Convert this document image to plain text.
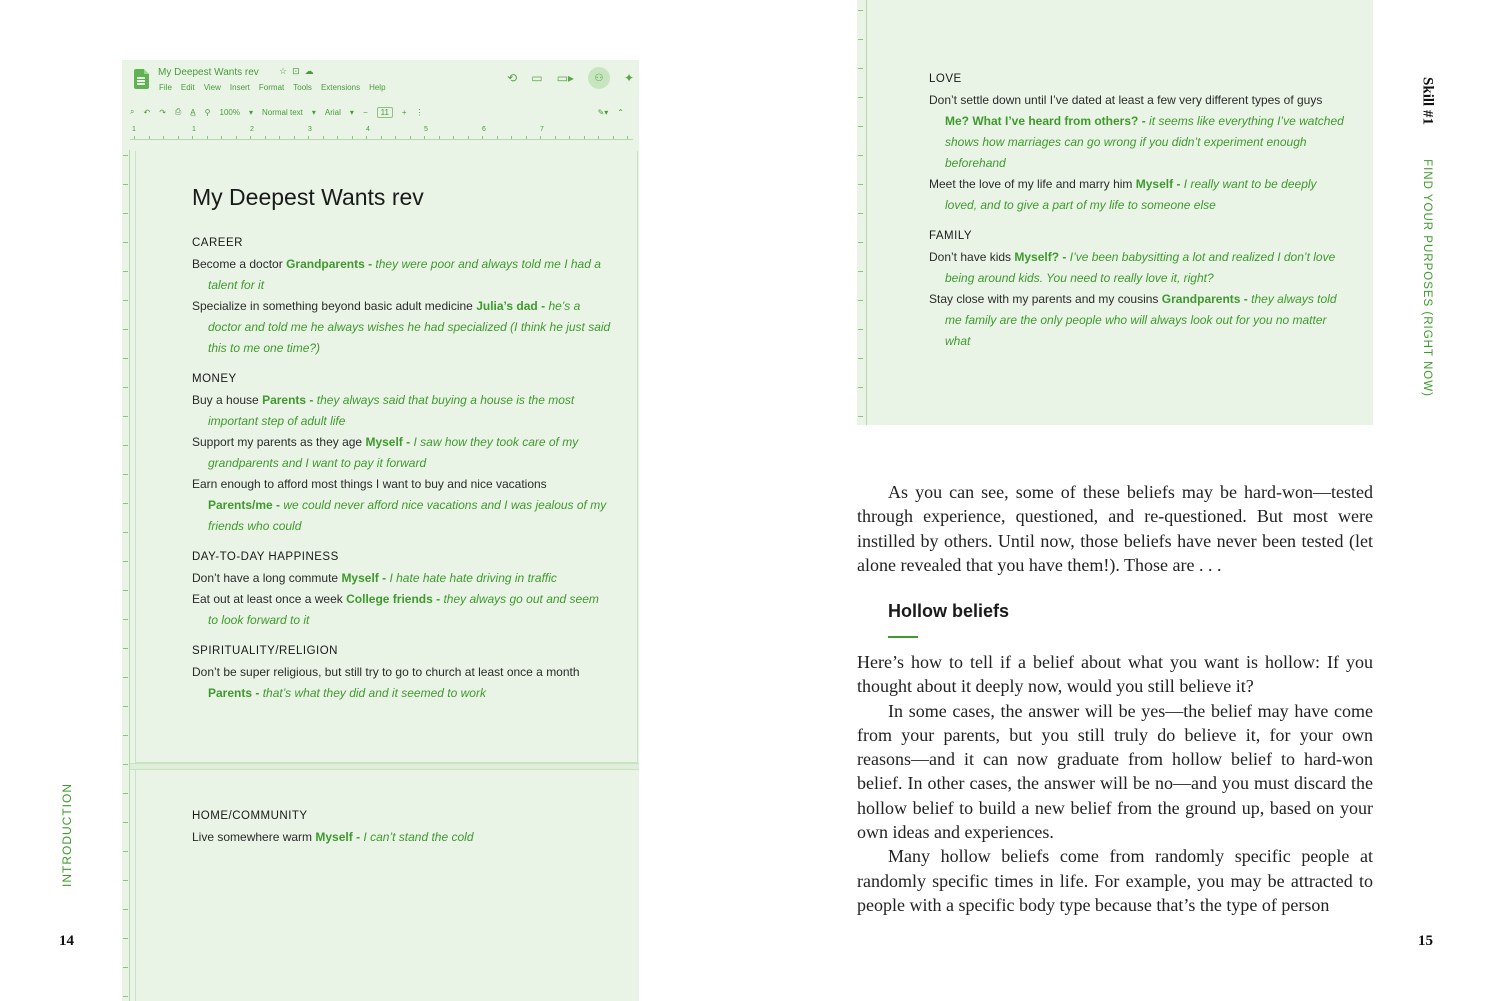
My Deepest Wants rev ☆⊡☁
File Edit View Insert Format Tools Extensions Help
⟲ ▭ ▭▸	⚇	✦
⌕ ↶ ↷ ⎙ A̲ ⚲ 100% ▾ Normal text ▾ Arial ▾ −	11	+ ⋮	✎▾ ⌃
1	1	2	3	4	5	6	7
My Deepest Wants rev
CAREER
Become a doctor Grandparents - they were poor and always told me I had a talent for it
Specialize in something beyond basic adult medicine Julia’s dad - he’s a doctor and told me he always wishes he had specialized (I think he just said this to me one time?)
MONEY
Buy a house Parents - they always said that buying a house is the most important step of adult life
Support my parents as they age Myself - I saw how they took care of my grandparents and I want to pay it forward
Earn enough to afford most things I want to buy and nice vacations Parents/me - we could never afford nice vacations and I was jealous of my friends who could
DAY-TO-DAY HAPPINESS
Don’t have a long commute Myself - I hate hate hate driving in traffic
Eat out at least once a week College friends - they always go out and seem to look forward to it
SPIRITUALITY/RELIGION
Don’t be super religious, but still try to go to church at least once a month Parents - that’s what they did and it seemed to work
HOME/COMMUNITY
Live somewhere warm Myself - I can’t stand the cold
LOVE
Don’t settle down until I’ve dated at least a few very different types of guys Me? What I’ve heard from others? - it seems like everything I’ve watched shows how marriages can go wrong if you didn’t experiment enough beforehand
Meet the love of my life and marry him Myself - I really want to be deeply loved, and to give a part of my life to someone else
FAMILY
Don’t have kids Myself? - I’ve been babysitting a lot and realized I don’t love being around kids. You need to really love it, right?
Stay close with my parents and my cousins Grandparents - they always told me family are the only people who will always look out for you no matter what

As you can see, some of these beliefs may be hard-won—tested through experience, questioned, and re-questioned. But most were instilled by others. Until now, those beliefs have never been tested (let alone revealed that you have them!). Those are . . .

Hollow beliefs

Here’s how to tell if a belief about what you want is hollow: If you thought about it deeply now, would you still believe it?

In some cases, the answer will be yes—the belief may have come from your parents, but you still truly do believe it, for your own reasons—and it can now graduate from hollow belief to hard-won belief. In other cases, the answer will be no—and you must discard the hollow belief to build a new belief from the ground up, based on your own ideas and experiences.

Many hollow beliefs come from randomly specific people at randomly specific times in life. For example, you may be attracted to people with a specific body type because that’s the type of person

INTRODUCTION
14
Skill #1
FIND YOUR PURPOSES (RIGHT NOW)
15
